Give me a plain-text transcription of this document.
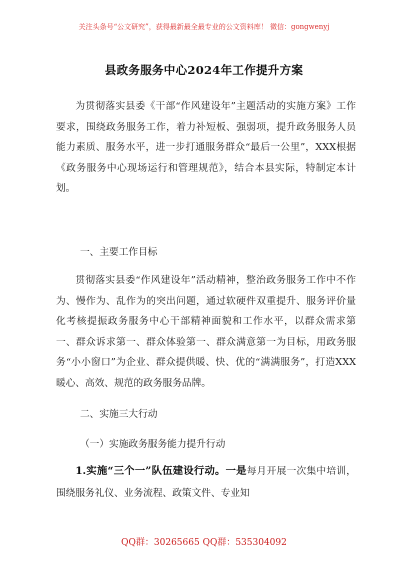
关注头条号“公文研究”，获得最新最全最专业的公文资料库！ 微信：gongwenyj
县政务服务中心2024年工作提升方案
为贯彻落实县委《干部“作风建设年”主题活动的实施方案》工作要求，围绕政务服务工作，着力补短板、强弱项，提升政务服务人员能力素质、服务水平，进一步打通服务群众“最后一公里”，XXX根据《政务服务中心现场运行和管理规范》，结合本县实际，特制定本计划。
一、主要工作目标
贯彻落实县委“作风建设年”活动精神，整治政务服务工作中不作为、慢作为、乱作为的突出问题，通过软硬件双重提升、服务评价量化考核提振政务服务中心干部精神面貌和工作水平，以群众需求第一、群众诉求第一、群众体验第一、群众满意第一为目标，用政务服务“小小窗口”为企业、群众提供暖、快、优的“满满服务”，打造XXX暖心、高效、规范的政务服务品牌。
二、实施三大行动
（一）实施政务服务能力提升行动
1.实施“三个一”队伍建设行动。一是每月开展一次集中培训，围绕服务礼仪、业务流程、政策文件、专业知
QQ群：30265665 QQ群：535304092
